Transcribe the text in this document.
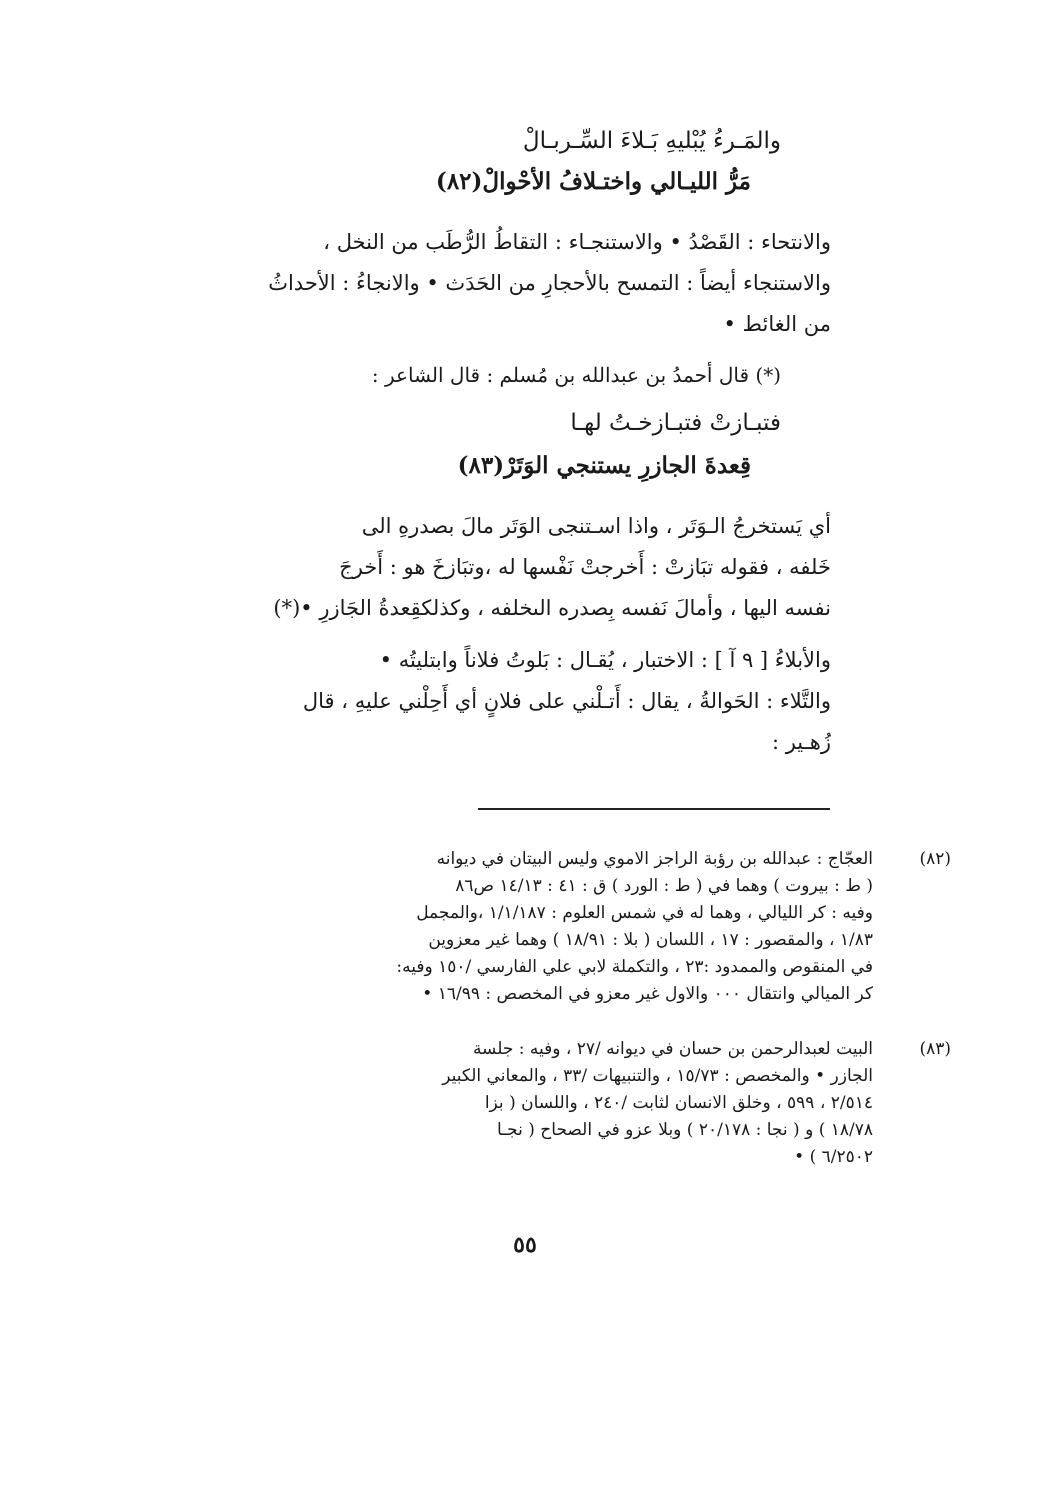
والمَـرءُ يُبْليهِ بَـلاءَ السِّـربـالْ
مَرُّ الليـالي واختـلافُ الأحْوالْ(٨٢)
والانتحاء : القَصْدُ • والاستنجـاء : التقاطُ الرُّطَب من النخل ،
والاستنجاء أيضاً : التمسح بالأحجارِ من الحَدَث • والانجاءُ : الأحداثُ
من الغائط •
(*) قال أحمدُ بن عبدالله بن مُسلم : قال الشاعر :
فتبـازتْ فتبـازخـتُ لهـا
قِعدةَ الجازرِ يستنجي الوَتَرْ(٨٣)
أي يَستخرجُ الـوَتَر ، واذا اسـتنجى الوَتَر مالَ بصدرهِ الى
خَلفه ، فقوله تبَازتْ : أَخرجتْ نَفْسها له ،وتبَازخَ هو : أَخرجَ
نفسه اليها ، وأمالَ نَفسه بِصدره الىخلفه ، وكذلكقِعدةُ الجَازرِ •(*)
والأبلاءُ [ ٩ آ ] : الاختبار ، يُقـال : بَلوتُ فلاناً وابتليتُه •
والتَّلاء : الحَوالةُ ، يقال : أَتـلْني على فلانٍ أي أَحِلْني عليهِ ، قال
زُهـير :
(٨٢)
العجّاج : عبدالله بن رؤبة الراجز الاموي وليس البيتان في ديوانه
( ط : بيروت ) وهما في ( ط : الورد ) ق : ٤١ : ١٤/١٣ ص٨٦
وفيه : كر الليالي ، وهما له في شمس العلوم : ١/١/١٨٧ ،والمجمل
١/٨٣ ، والمقصور : ١٧ ، اللسان ( بلا : ١٨/٩١ ) وهما غير معزوين
في المنقوص والممدود :٢٣ ، والتكملة لابي علي الفارسي /١٥٠ وفيه:
كر الميالي وانتقال ٠٠٠ والاول غير معزو في المخصص : ١٦/٩٩ •
(٨٣)
البيت لعبدالرحمن بن حسان في ديوانه /٢٧ ، وفيه : جلسة
الجازر • والمخصص : ١٥/٧٣ ، والتنبيهات /٣٣ ، والمعاني الكبير
٢/٥١٤ ، ٥٩٩ ، وخلق الانسان لثابت /٢٤٠ ، واللسان ( بزا
١٨/٧٨ ) و ( نجا : ٢٠/١٧٨ ) وبلا عزو في الصحاح ( نجـا
٦/٢٥٠٢ ) •
٥٥
